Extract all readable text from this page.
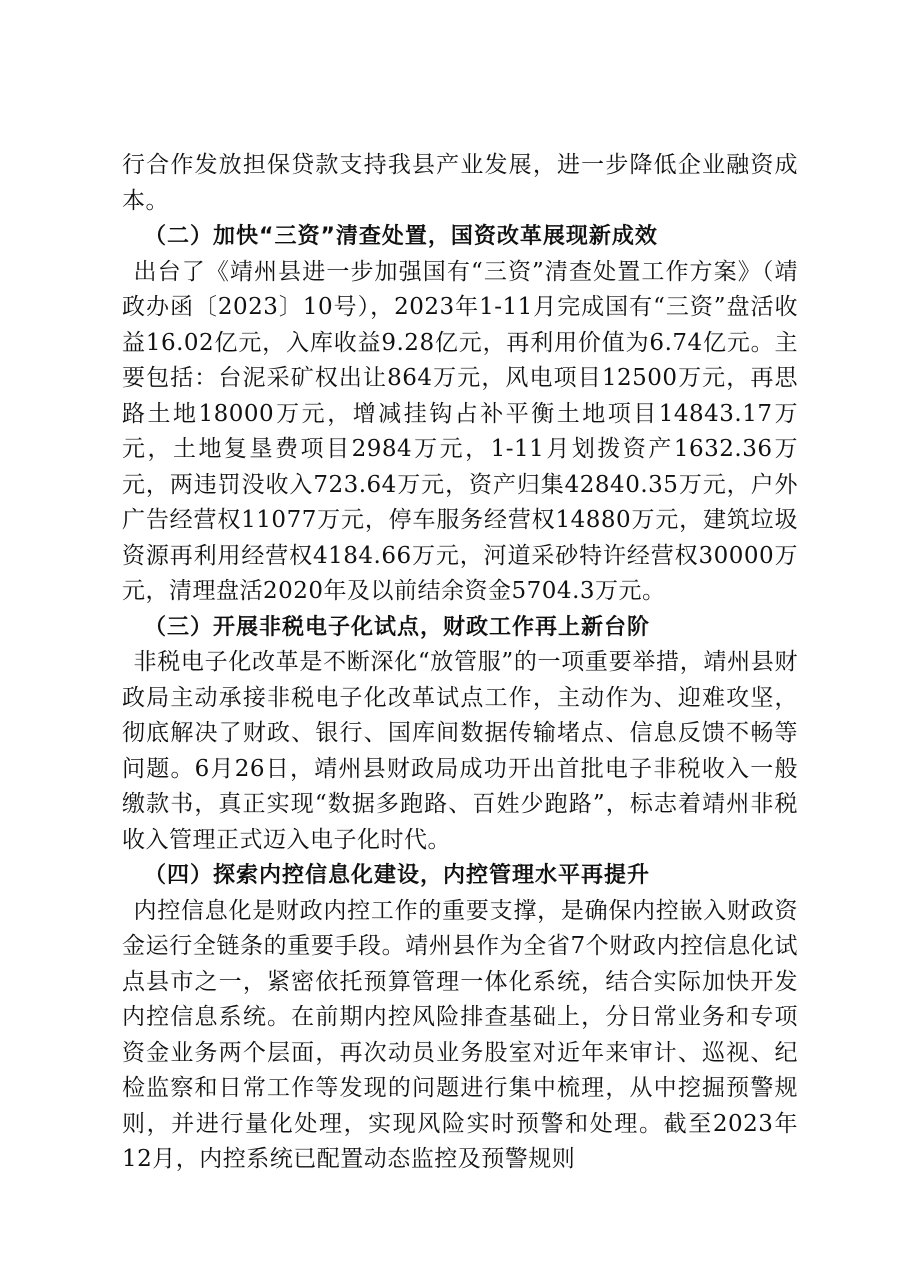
行合作发放担保贷款支持我县产业发展，进一步降低企业融资成本。

（二）加快“三资”清查处置，国资改革展现新成效

出台了《靖州县进一步加强国有“三资”清查处置工作方案》（靖政办函〔2023〕10号），2023年1-11月完成国有“三资”盘活收益16.02亿元，入库收益9.28亿元，再利用价值为6.74亿元。主要包括：台泥采矿权出让864万元，风电项目12500万元，再思路土地18000万元，增减挂钩占补平衡土地项目14843.17万元，土地复垦费项目2984万元，1-11月划拨资产1632.36万元，两违罚没收入723.64万元，资产归集42840.35万元，户外广告经营权11077万元，停车服务经营权14880万元，建筑垃圾资源再利用经营权4184.66万元，河道采砂特许经营权30000万元，清理盘活2020年及以前结余资金5704.3万元。

（三）开展非税电子化试点，财政工作再上新台阶

非税电子化改革是不断深化“放管服”的一项重要举措，靖州县财政局主动承接非税电子化改革试点工作，主动作为、迎难攻坚，彻底解决了财政、银行、国库间数据传输堵点、信息反馈不畅等问题。6月26日，靖州县财政局成功开出首批电子非税收入一般缴款书，真正实现“数据多跑路、百姓少跑路”，标志着靖州非税收入管理正式迈入电子化时代。

（四）探索内控信息化建设，内控管理水平再提升

内控信息化是财政内控工作的重要支撑，是确保内控嵌入财政资金运行全链条的重要手段。靖州县作为全省7个财政内控信息化试点县市之一，紧密依托预算管理一体化系统，结合实际加快开发内控信息系统。在前期内控风险排查基础上，分日常业务和专项资金业务两个层面，再次动员业务股室对近年来审计、巡视、纪检监察和日常工作等发现的问题进行集中梳理，从中挖掘预警规则，并进行量化处理，实现风险实时预警和处理。截至2023年12月，内控系统已配置动态监控及预警规则
